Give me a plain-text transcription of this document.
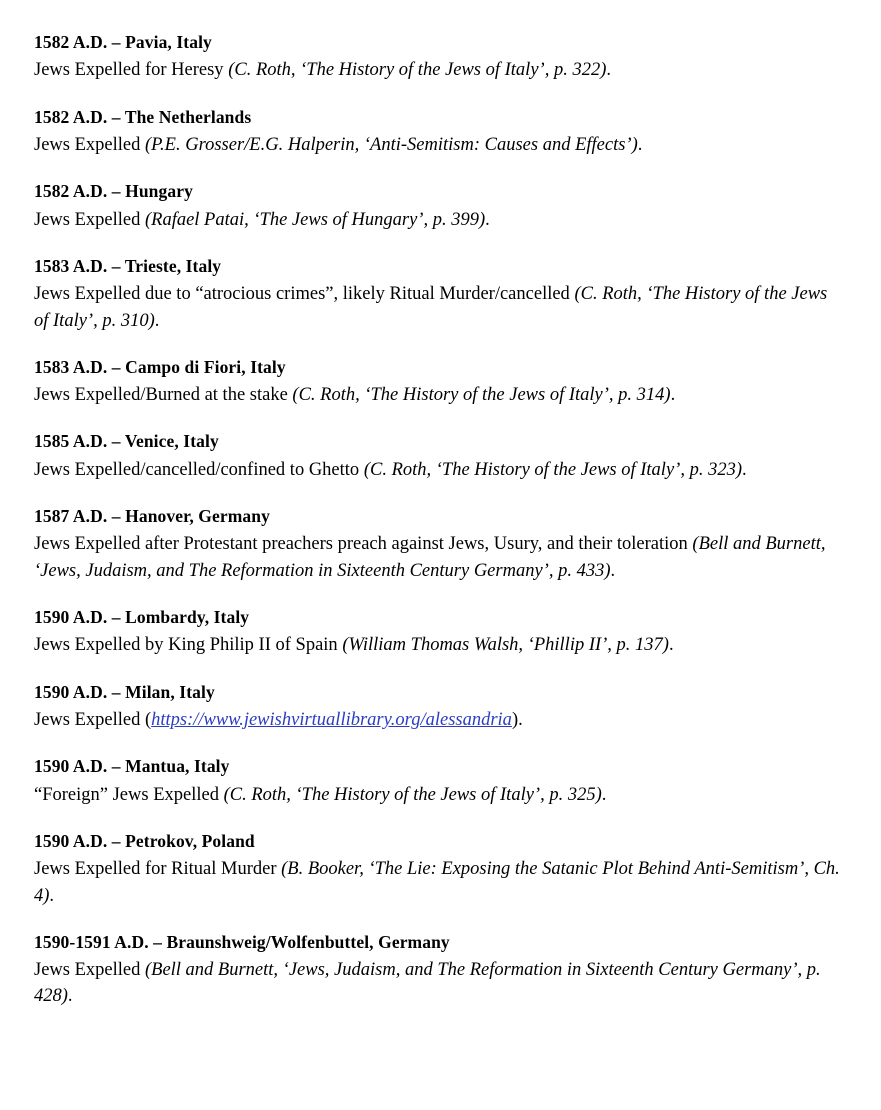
1582 A.D. – Pavia, Italy
Jews Expelled for Heresy (C. Roth, ‘The History of the Jews of Italy’, p. 322).
1582 A.D. – The Netherlands
Jews Expelled (P.E. Grosser/E.G. Halperin, ‘Anti-Semitism: Causes and Effects’).
1582 A.D. – Hungary
Jews Expelled (Rafael Patai, ‘The Jews of Hungary’, p. 399).
1583 A.D. – Trieste, Italy
Jews Expelled due to “atrocious crimes”, likely Ritual Murder/cancelled (C. Roth, ‘The History of the Jews of Italy’, p. 310).
1583 A.D. – Campo di Fiori, Italy
Jews Expelled/Burned at the stake (C. Roth, ‘The History of the Jews of Italy’, p. 314).
1585 A.D. – Venice, Italy
Jews Expelled/cancelled/confined to Ghetto (C. Roth, ‘The History of the Jews of Italy’, p. 323).
1587 A.D. – Hanover, Germany
Jews Expelled after Protestant preachers preach against Jews, Usury, and their toleration (Bell and Burnett, ‘Jews, Judaism, and The Reformation in Sixteenth Century Germany’, p. 433).
1590 A.D. – Lombardy, Italy
Jews Expelled by King Philip II of Spain (William Thomas Walsh, ‘Phillip II’, p. 137).
1590 A.D. – Milan, Italy
Jews Expelled (https://www.jewishvirtuallibrary.org/alessandria).
1590 A.D. – Mantua, Italy
“Foreign” Jews Expelled (C. Roth, ‘The History of the Jews of Italy’, p. 325).
1590 A.D. – Petrokov, Poland
Jews Expelled for Ritual Murder (B. Booker, ‘The Lie: Exposing the Satanic Plot Behind Anti-Semitism’, Ch. 4).
1590-1591 A.D. – Braunshweig/Wolfenbuttel, Germany
Jews Expelled (Bell and Burnett, ‘Jews, Judaism, and The Reformation in Sixteenth Century Germany’, p. 428).
